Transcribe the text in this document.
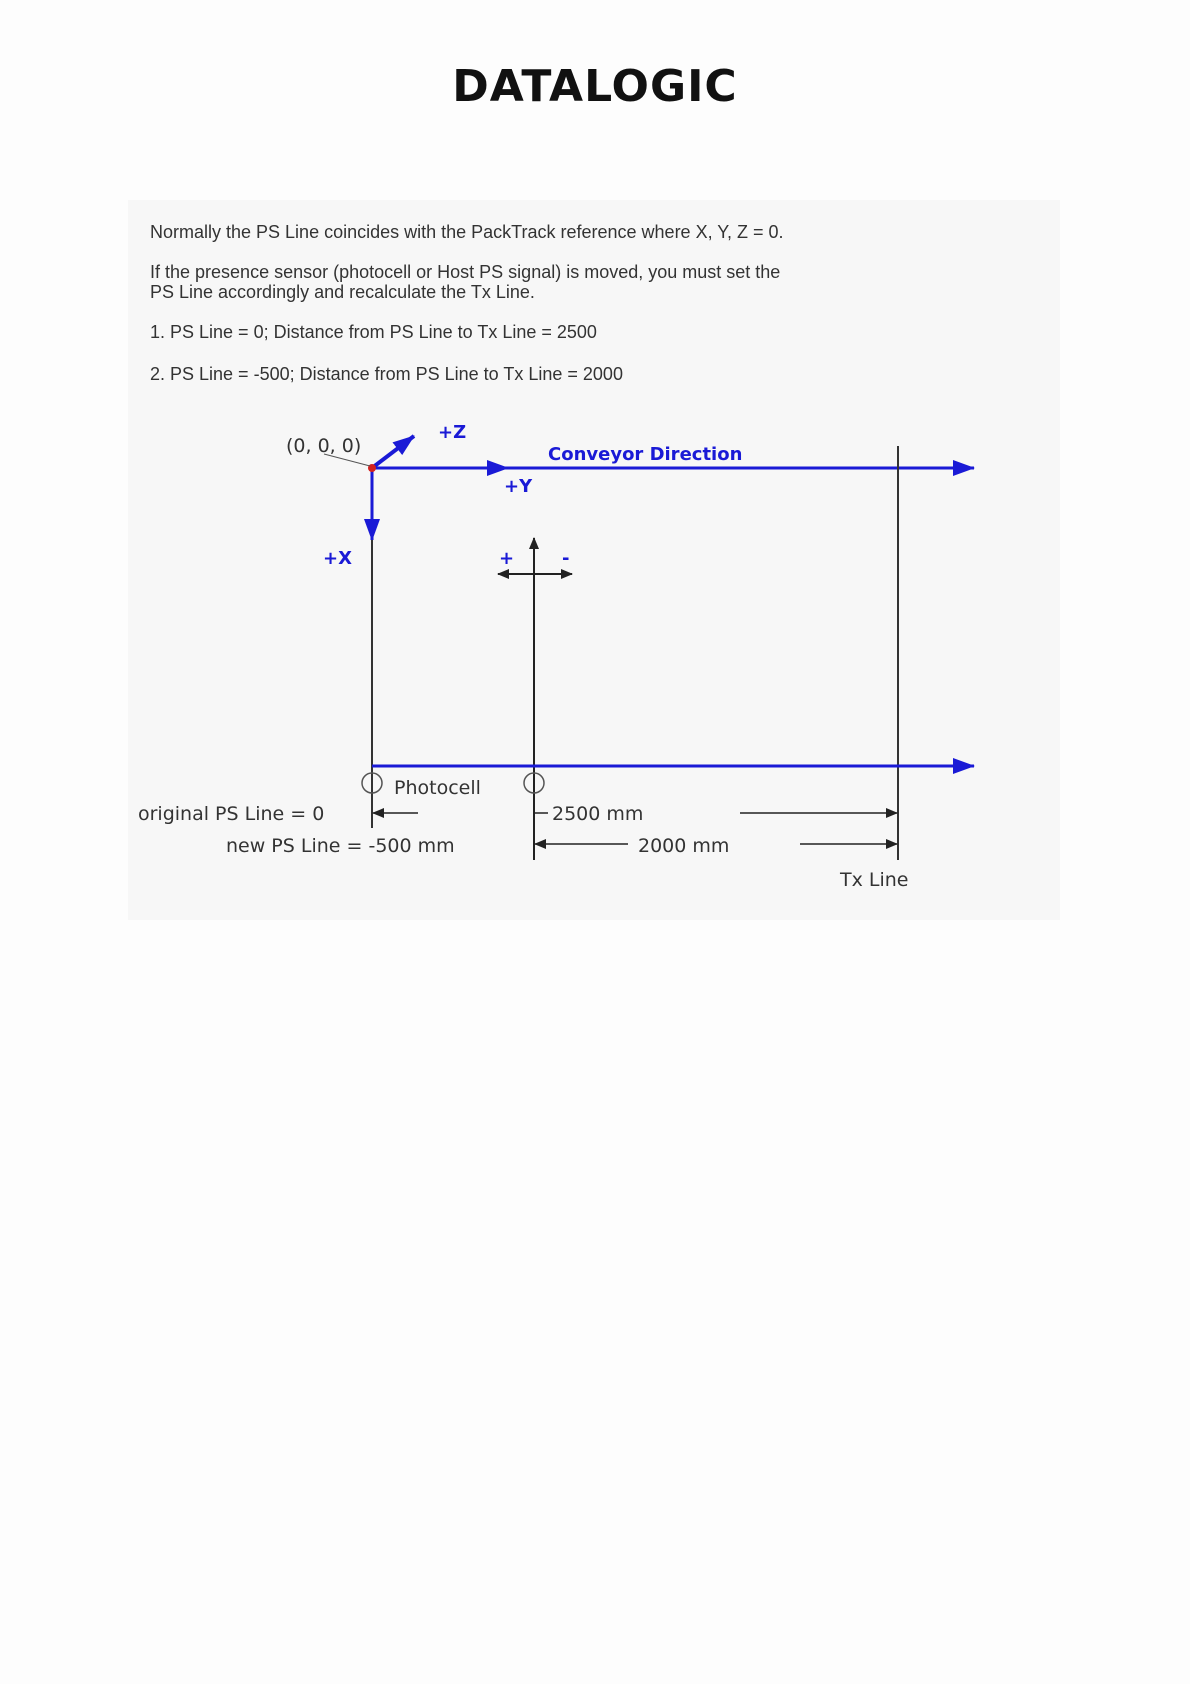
DATALOGIC

Normally the PS Line coincides with the PackTrack reference where X, Y, Z = 0.

If the presence sensor (photocell or Host PS signal) is moved, you must set the

PS Line accordingly and recalculate the Tx Line.

1. PS Line = 0; Distance from PS Line to Tx Line = 2500

2. PS Line = -500; Distance from PS Line to Tx Line = 2000

(0, 0, 0)
+Z
Conveyor Direction
+Y
+X	+	-
Photocell
original PS Line = 0
new PS Line = -500 mm
2500 mm
2000 mm
Tx Line
